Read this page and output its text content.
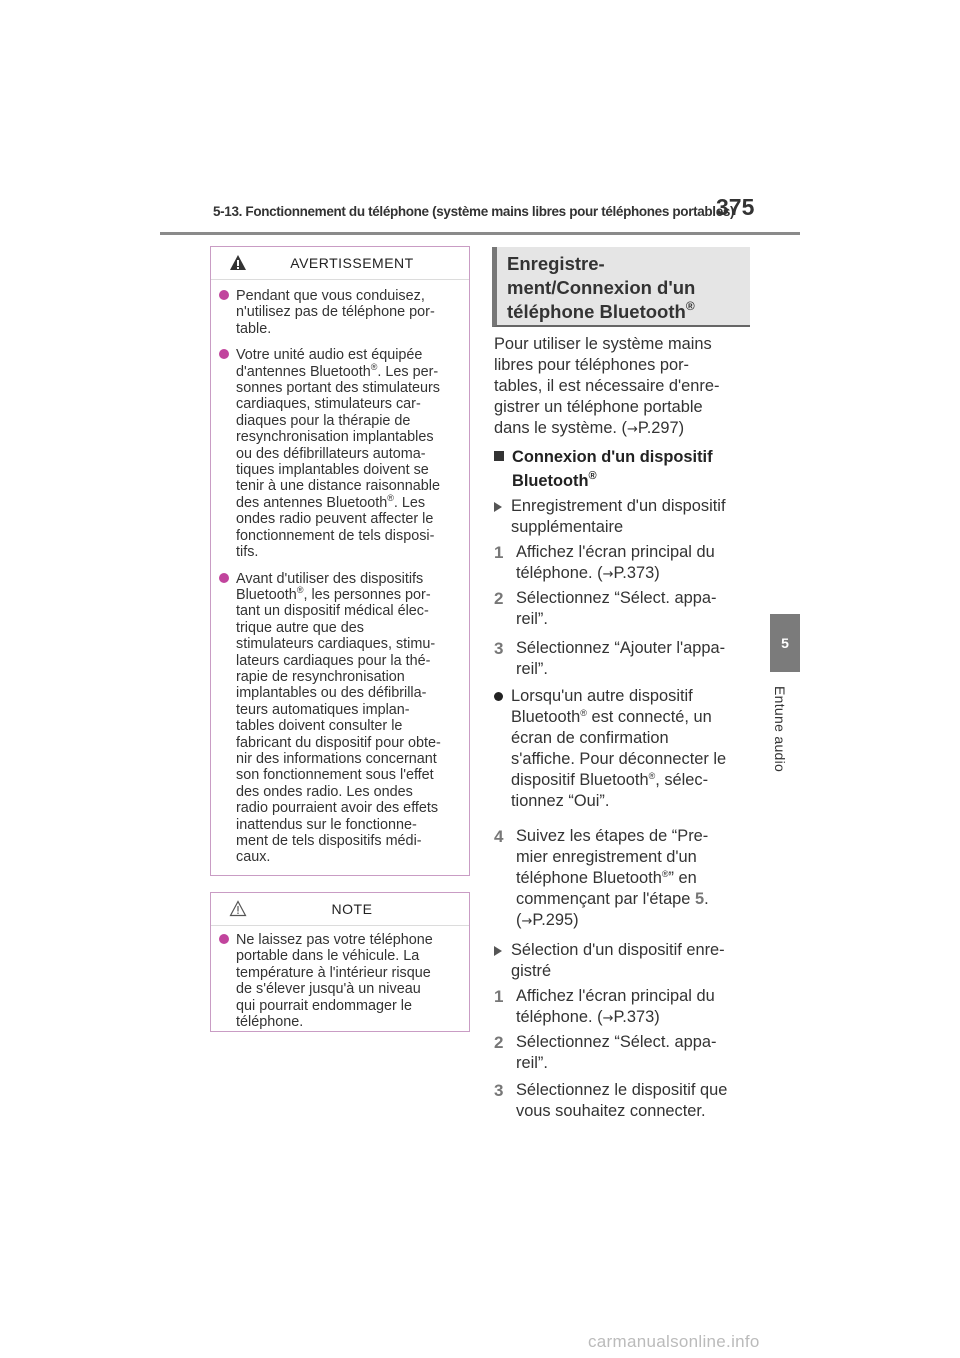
5-13. Fonctionnement du téléphone (système mains libres pour téléphones portables)
375
5
Entune audio
AVERTISSEMENT

Pendant que vous conduisez,
n'utilisez pas de téléphone por-
table.

Votre unité audio est équipée
d'antennes Bluetooth®. Les per-
sonnes portant des stimulateurs
cardiaques, stimulateurs car-
diaques pour la thérapie de
resynchronisation implantables
ou des défibrillateurs automa-
tiques implantables doivent se
tenir à une distance raisonnable
des antennes Bluetooth®. Les
ondes radio peuvent affecter le
fonctionnement de tels disposi-
tifs.

Avant d'utiliser des dispositifs
Bluetooth®, les personnes por-
tant un dispositif médical élec-
trique autre que des
stimulateurs cardiaques, stimu-
lateurs cardiaques pour la thé-
rapie de resynchronisation
implantables ou des défibrilla-
teurs automatiques implan-
tables doivent consulter le
fabricant du dispositif pour obte-
nir des informations concernant
son fonctionnement sous l'effet
des ondes radio. Les ondes
radio pourraient avoir des effets
inattendus sur le fonctionne-
ment de tels dispositifs médi-
caux.

NOTE

Ne laissez pas votre téléphone
portable dans le véhicule. La
température à l'intérieur risque
de s'élever jusqu'à un niveau
qui pourrait endommager le
téléphone.

Enregistre-
ment/Connexion d'un
téléphone Bluetooth®
Pour utiliser le système mains
libres pour téléphones por-
tables, il est nécessaire d'enre-
gistrer un téléphone portable
dans le système. (→P.297)
Connexion d'un dispositif
Bluetooth®
Enregistrement d'un dispositif
supplémentaire
1 Affichez l'écran principal du
téléphone. (→P.373)
2 Sélectionnez “Sélect. appa-
reil”.
3 Sélectionnez “Ajouter l'appa-
reil”.
Lorsqu'un autre dispositif
Bluetooth® est connecté, un
écran de confirmation
s'affiche. Pour déconnecter le
dispositif Bluetooth®, sélec-
tionnez “Oui”.
4 Suivez les étapes de “Pre-
mier enregistrement d'un
téléphone Bluetooth®” en
commençant par l'étape 5.
(→P.295)
Sélection d'un dispositif enre-
gistré
1 Affichez l'écran principal du
téléphone. (→P.373)
2 Sélectionnez “Sélect. appa-
reil”.
3 Sélectionnez le dispositif que
vous souhaitez connecter.
carmanualsonline.info
